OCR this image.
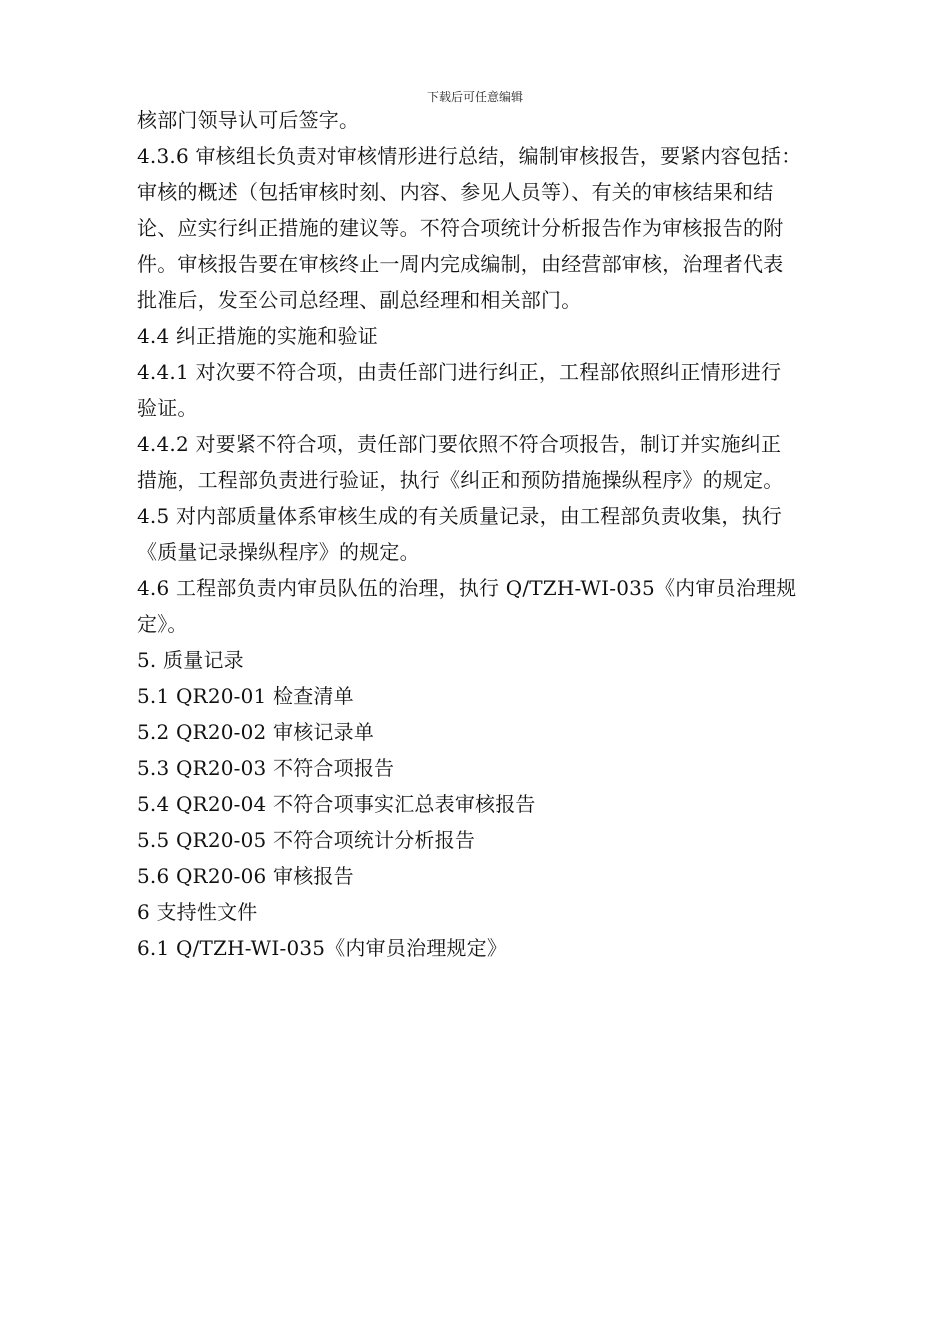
下载后可任意编辑
核部门领导认可后签字。
4.3.6 审核组长负责对审核情形进行总结，编制审核报告，要紧内容包括：
审核的概述（包括审核时刻、内容、参见人员等）、有关的审核结果和结
论、应实行纠正措施的建议等。不符合项统计分析报告作为审核报告的附
件。审核报告要在审核终止一周内完成编制，由经营部审核，治理者代表
批准后，发至公司总经理、副总经理和相关部门。
4.4 纠正措施的实施和验证
4.4.1 对次要不符合项，由责任部门进行纠正，工程部依照纠正情形进行
验证。
4.4.2 对要紧不符合项，责任部门要依照不符合项报告，制订并实施纠正
措施，工程部负责进行验证，执行《纠正和预防措施操纵程序》的规定。
4.5 对内部质量体系审核生成的有关质量记录，由工程部负责收集，执行
《质量记录操纵程序》的规定。
4.6 工程部负责内审员队伍的治理，执行 Q/TZH-WI-035《内审员治理规
定》。
5. 质量记录
5.1 QR20-01 检查清单
5.2 QR20-02 审核记录单
5.3 QR20-03 不符合项报告
5.4 QR20-04 不符合项事实汇总表审核报告
5.5 QR20-05 不符合项统计分析报告
5.6 QR20-06 审核报告
6 支持性文件
6.1 Q/TZH-WI-035《内审员治理规定》
